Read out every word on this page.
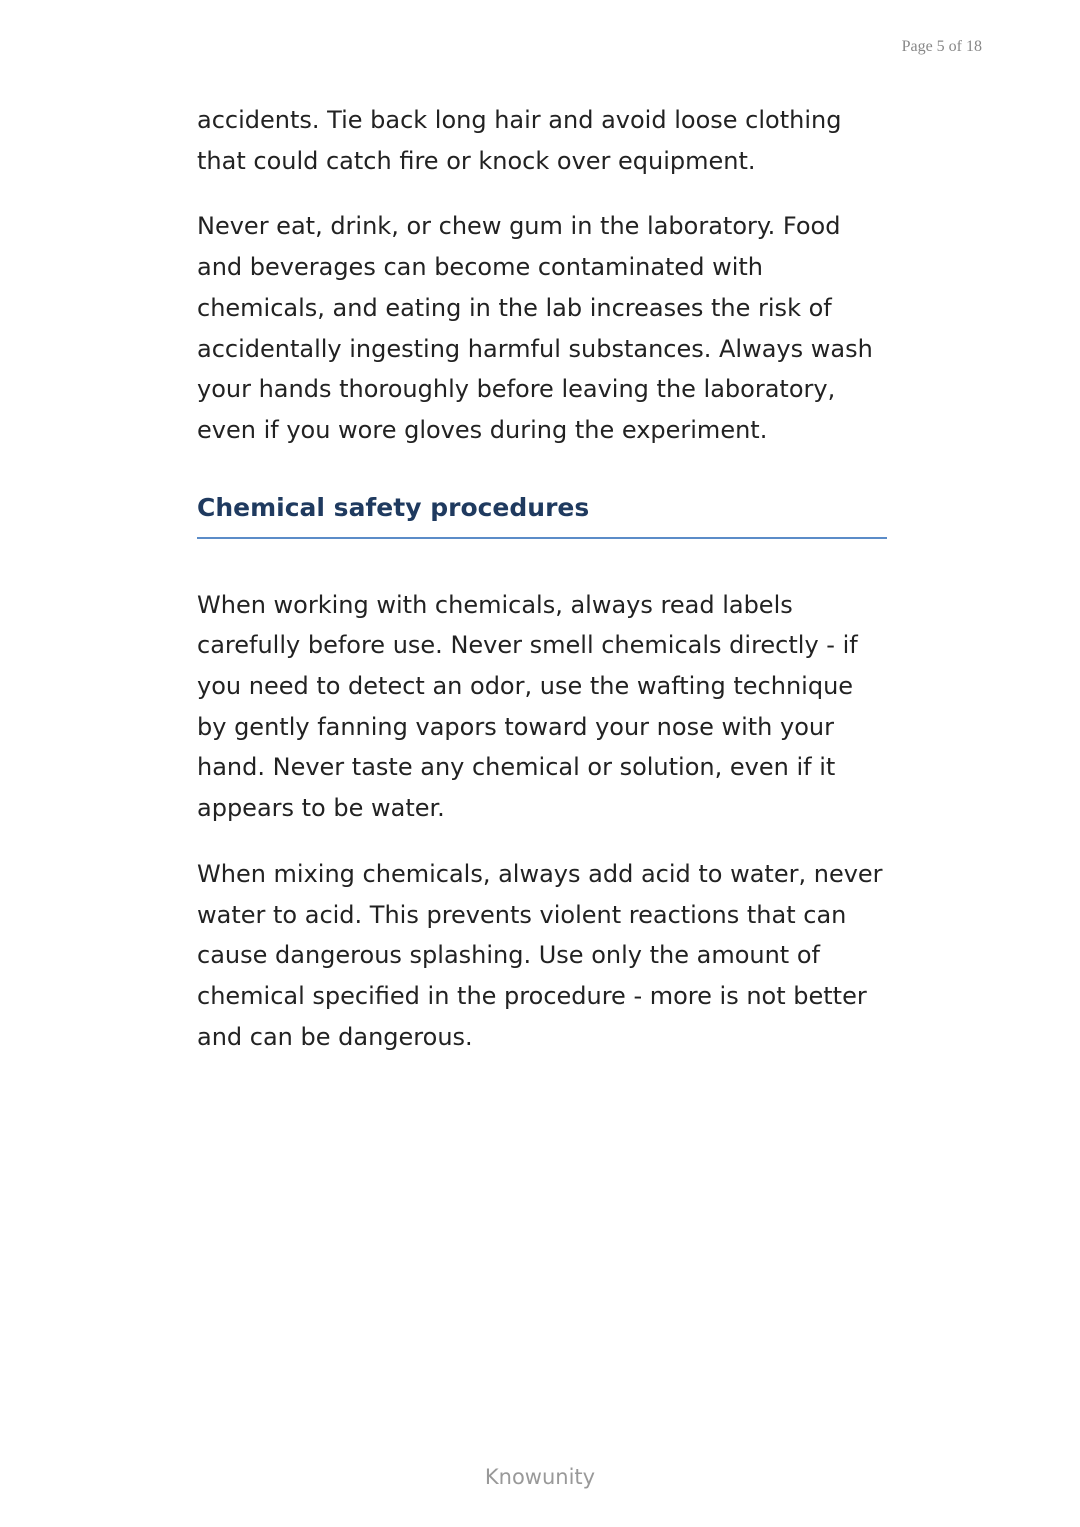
Page 5 of 18

accidents. Tie back long hair and avoid loose clothing that could catch fire or knock over equipment.

Never eat, drink, or chew gum in the laboratory. Food and beverages can become contaminated with chemicals, and eating in the lab increases the risk of accidentally ingesting harmful substances. Always wash your hands thoroughly before leaving the laboratory, even if you wore gloves during the experiment.

Chemical safety procedures

When working with chemicals, always read labels carefully before use. Never smell chemicals directly - if you need to detect an odor, use the wafting technique by gently fanning vapors toward your nose with your hand. Never taste any chemical or solution, even if it appears to be water.

When mixing chemicals, always add acid to water, never water to acid. This prevents violent reactions that can cause dangerous splashing. Use only the amount of chemical specified in the procedure - more is not better and can be dangerous.

Knowunity
